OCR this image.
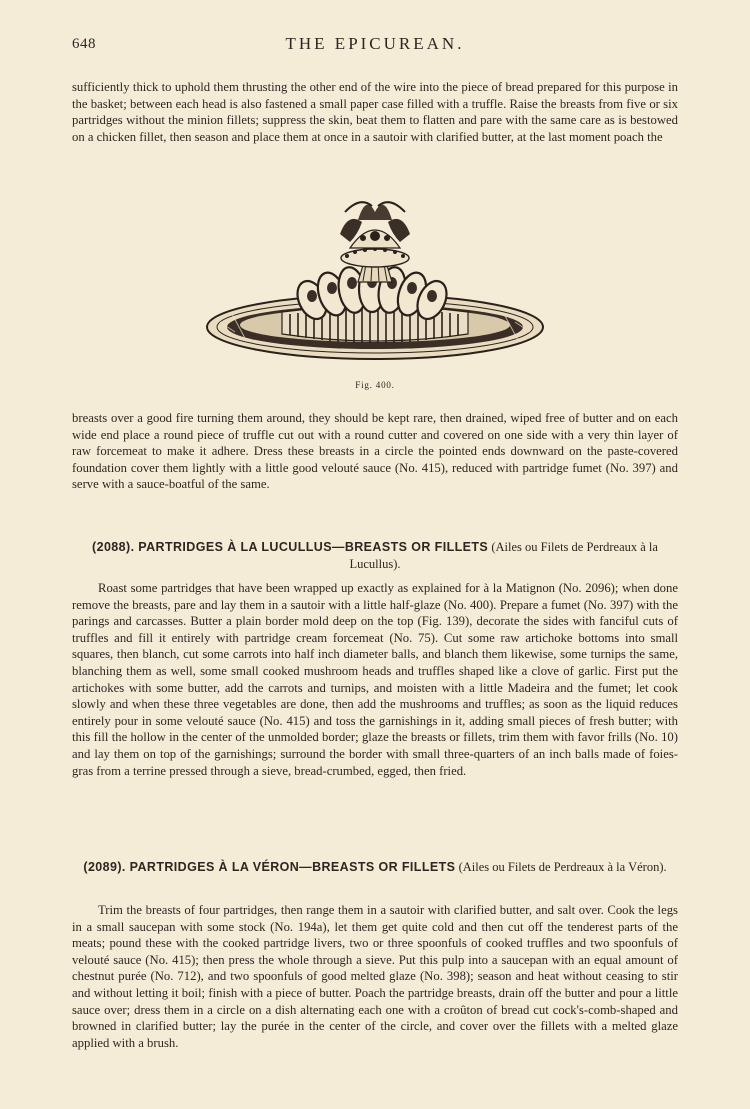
648	THE EPICUREAN.

sufficiently thick to uphold them thrusting the other end of the wire into the piece of bread prepared for this purpose in the basket; between each head is also fastened a small paper case filled with a truffle. Raise the breasts from five or six partridges without the minion fillets; suppress the skin, beat them to flatten and pare with the same care as is bestowed on a chicken fillet, then season and place them at once in a sautoir with clarified butter, at the last moment poach the

Fig. 400.

breasts over a good fire turning them around, they should be kept rare, then drained, wiped free of butter and on each wide end place a round piece of truffle cut out with a round cutter and covered on one side with a very thin layer of raw forcemeat to make it adhere. Dress these breasts in a circle the pointed ends downward on the paste-covered foundation cover them lightly with a little good velouté sauce (No. 415), reduced with partridge fumet (No. 397) and serve with a sauce-boatful of the same.

(2088). PARTRIDGES À LA LUCULLUS—BREASTS OR FILLETS (Ailes ou Filets de Perdreaux à la Lucullus).

Roast some partridges that have been wrapped up exactly as explained for à la Matignon (No. 2096); when done remove the breasts, pare and lay them in a sautoir with a little half-glaze (No. 400). Prepare a fumet (No. 397) with the parings and carcasses. Butter a plain border mold deep on the top (Fig. 139), decorate the sides with fanciful cuts of truffles and fill it entirely with partridge cream forcemeat (No. 75). Cut some raw artichoke bottoms into small squares, then blanch, cut some carrots into half inch diameter balls, and blanch them likewise, some turnips the same, blanching them as well, some small cooked mushroom heads and truffles shaped like a clove of garlic. First put the artichokes with some butter, add the carrots and turnips, and moisten with a little Madeira and the fumet; let cook slowly and when these three vegetables are done, then add the mushrooms and truffles; as soon as the liquid reduces entirely pour in some velouté sauce (No. 415) and toss the garnishings in it, adding small pieces of fresh butter; with this fill the hollow in the center of the unmolded border; glaze the breasts or fillets, trim them with favor frills (No. 10) and lay them on top of the garnishings; surround the border with small three-quarters of an inch balls made of foies-gras from a terrine pressed through a sieve, bread-crumbed, egged, then fried.

(2089). PARTRIDGES À LA VÉRON—BREASTS OR FILLETS (Ailes ou Filets de Perdreaux à la Véron).

Trim the breasts of four partridges, then range them in a sautoir with clarified butter, and salt over. Cook the legs in a small saucepan with some stock (No. 194a), let them get quite cold and then cut off the tenderest parts of the meats; pound these with the cooked partridge livers, two or three spoonfuls of cooked truffles and two spoonfuls of velouté sauce (No. 415); then press the whole through a sieve. Put this pulp into a saucepan with an equal amount of chestnut purée (No. 712), and two spoonfuls of good melted glaze (No. 398); season and heat without ceasing to stir and without letting it boil; finish with a piece of butter. Poach the partridge breasts, drain off the butter and pour a little sauce over; dress them in a circle on a dish alternating each one with a croûton of bread cut cock's-comb-shaped and browned in clarified butter; lay the purée in the center of the circle, and cover over the fillets with a melted glaze applied with a brush.
